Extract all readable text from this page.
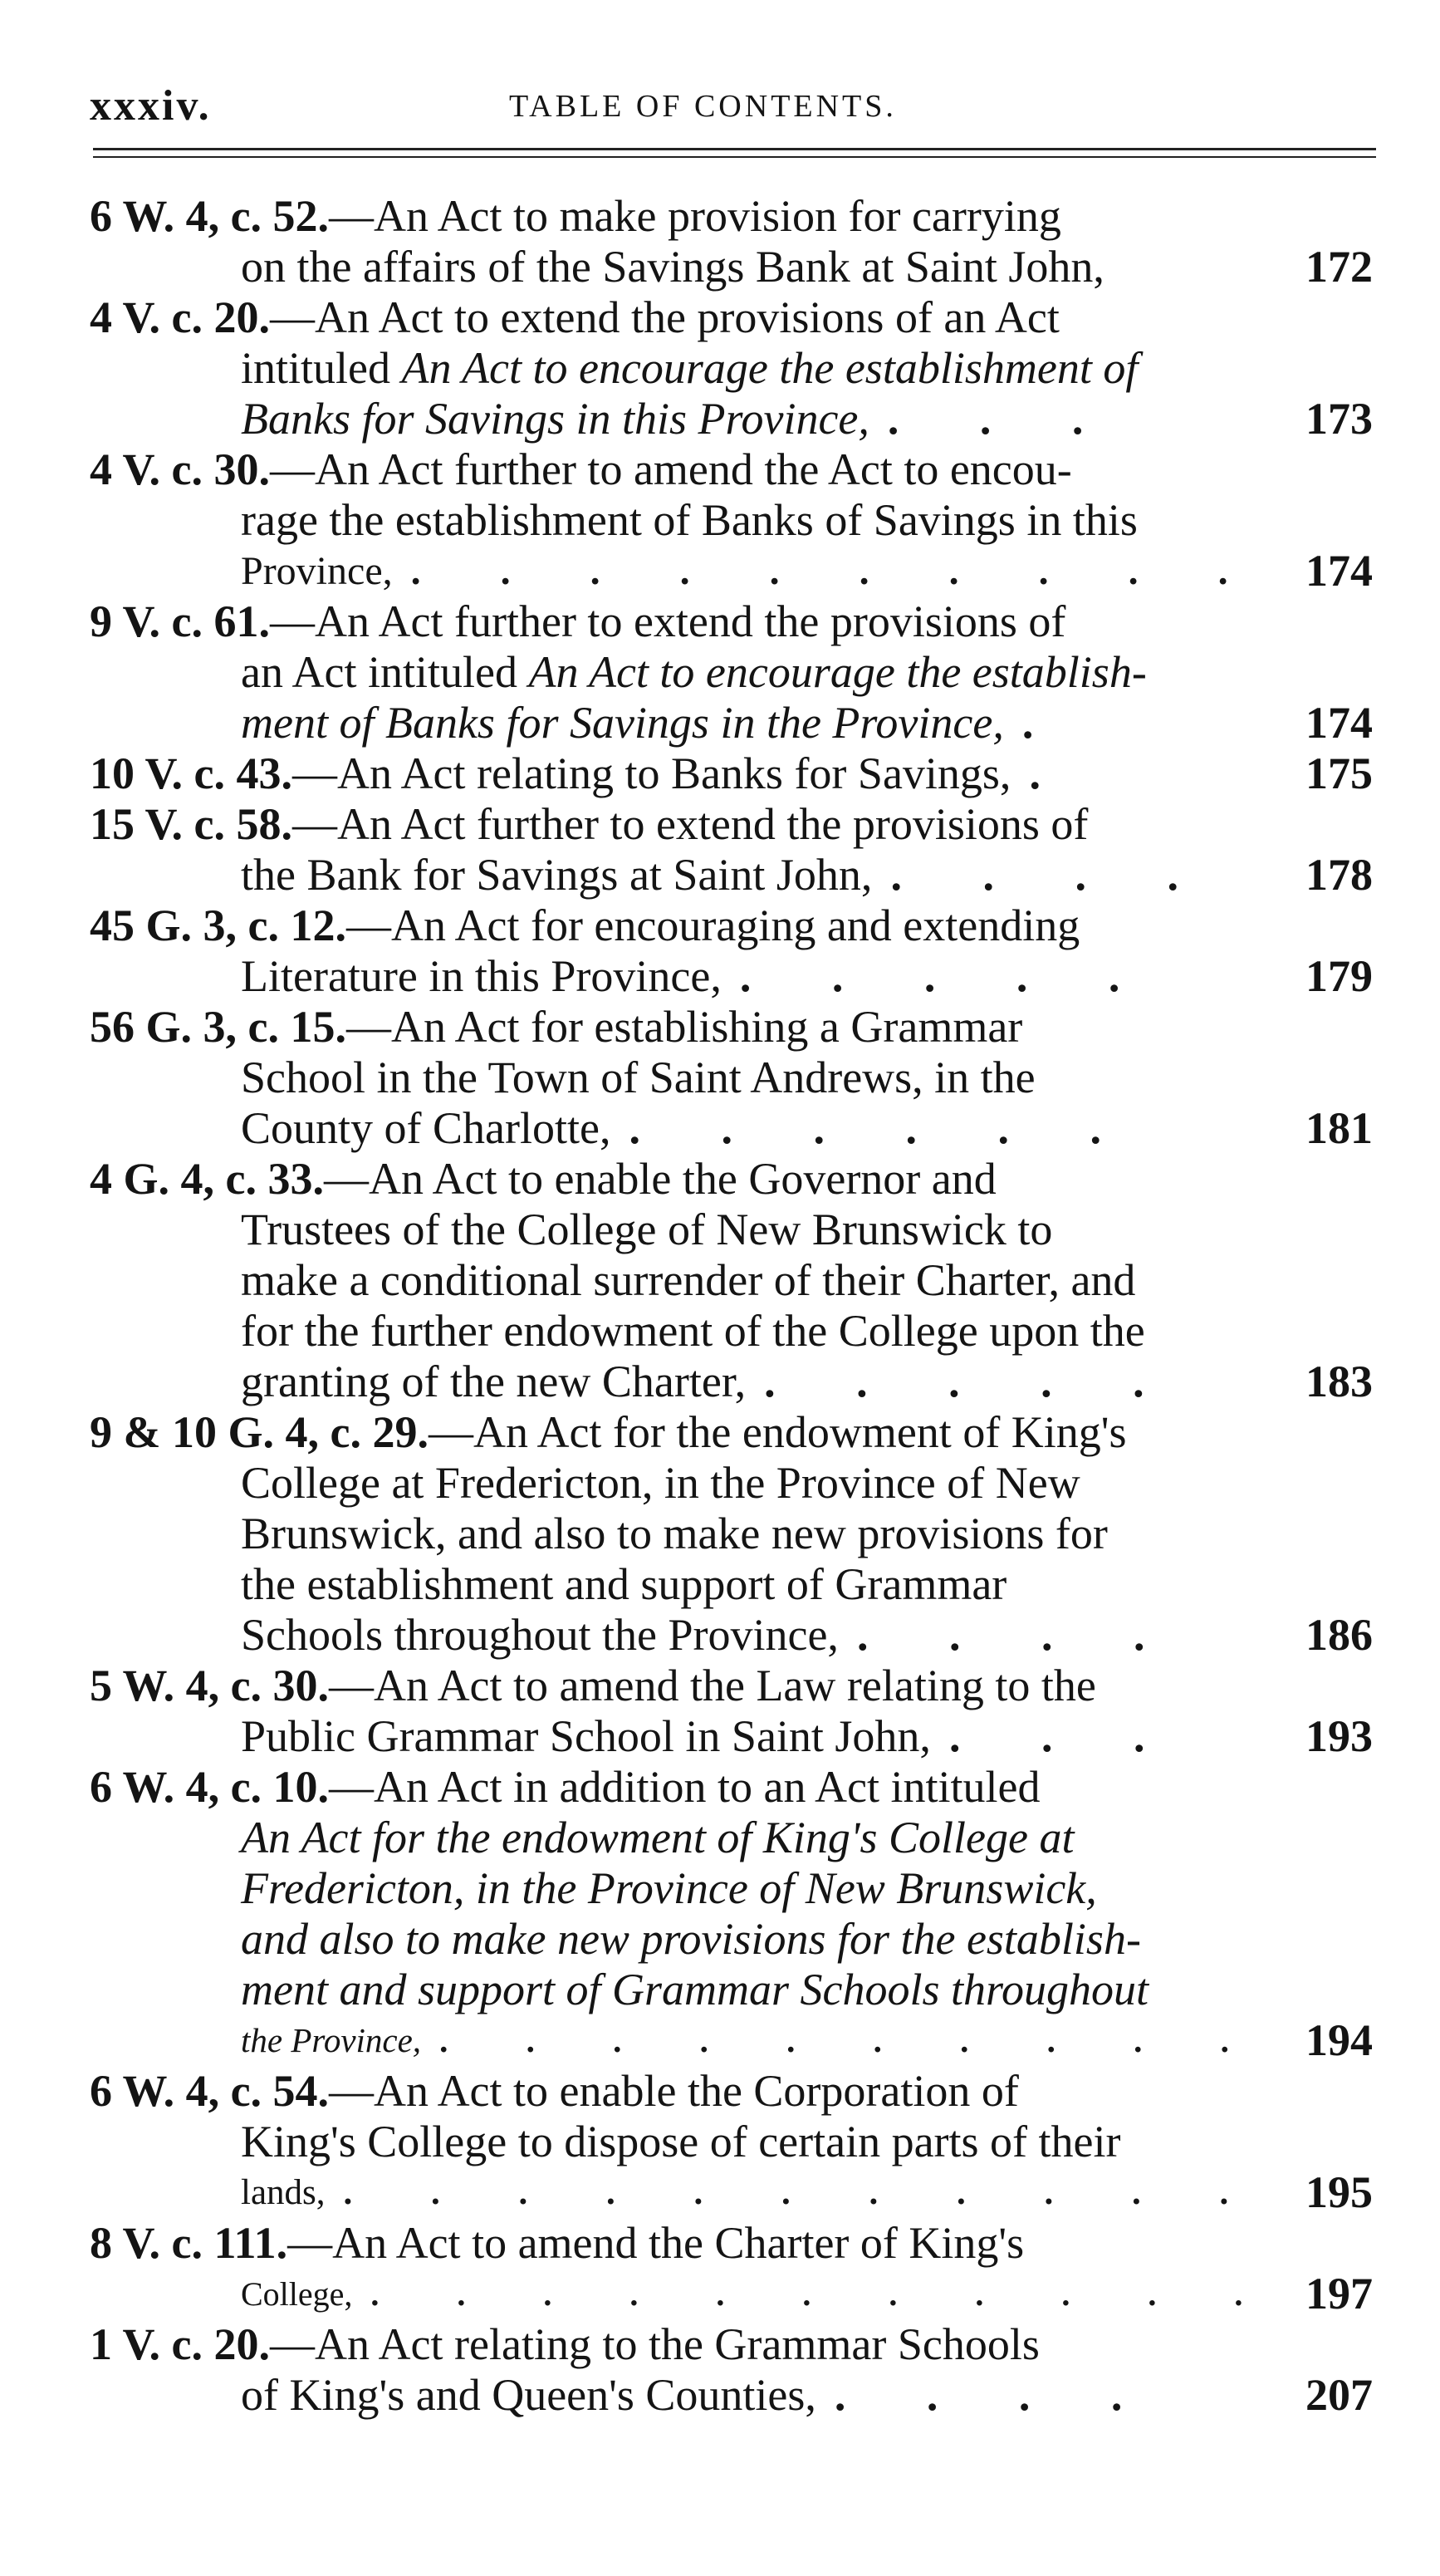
xxxiv.	TABLE OF CONTENTS.
6 W. 4, c. 52. —An Act to make provision for carrying
on the affairs of the Savings Bank at Saint John,	172
4 V. c. 20. —An Act to extend the provisions of an Act
intituled An Act to encourage the establishment of
Banks for Savings in this Province, . . .	173
4 V. c. 30. —An Act further to amend the Act to encou-
rage the establishment of Banks of Savings in this
Province, . . . . . . . . . . 174
9 V. c. 61. —An Act further to extend the provisions of
an Act intituled An Act to encourage the establish-
ment of Banks for Savings in the Province, .	174
10 V. c. 43. —An Act relating to Banks for Savings, .	175
15 V. c. 58. —An Act further to extend the provisions of
the Bank for Savings at Saint John, . . . . 178
45 G. 3, c. 12. —An Act for encouraging and extending
Literature in this Province, . . . . .	179
56 G. 3, c. 15. —An Act for establishing a Grammar
School in the Town of Saint Andrews, in the
County of Charlotte, . . . . . .	181
4 G. 4, c. 33. —An Act to enable the Governor and
Trustees of the College of New Brunswick to
make a conditional surrender of their Charter, and
for the further endowment of the College upon the
granting of the new Charter, . . . . .	183
9 & 10 G. 4, c. 29. —An Act for the endowment of King's
College at Fredericton, in the Province of New
Brunswick, and also to make new provisions for
the establishment and support of Grammar
Schools throughout the Province, . . . .	186
5 W. 4, c. 30. —An Act to amend the Law relating to the
Public Grammar School in Saint John, . . .	193
6 W. 4, c. 10. —An Act in addition to an Act intituled
An Act for the endowment of King's College at
Fredericton, in the Province of New Brunswick,
and also to make new provisions for the establish-
ment and support of Grammar Schools throughout
the Province, . . . . . . . . . . 194
6 W. 4, c. 54. —An Act to enable the Corporation of
King's College to dispose of certain parts of their
lands, . . . . . . . . . . . 195
8 V. c. 111. —An Act to amend the Charter of King's
College, . . . . . . . . . . . 197
1 V. c. 20. —An Act relating to the Grammar Schools
of King's and Queen's Counties, . . . .	207
